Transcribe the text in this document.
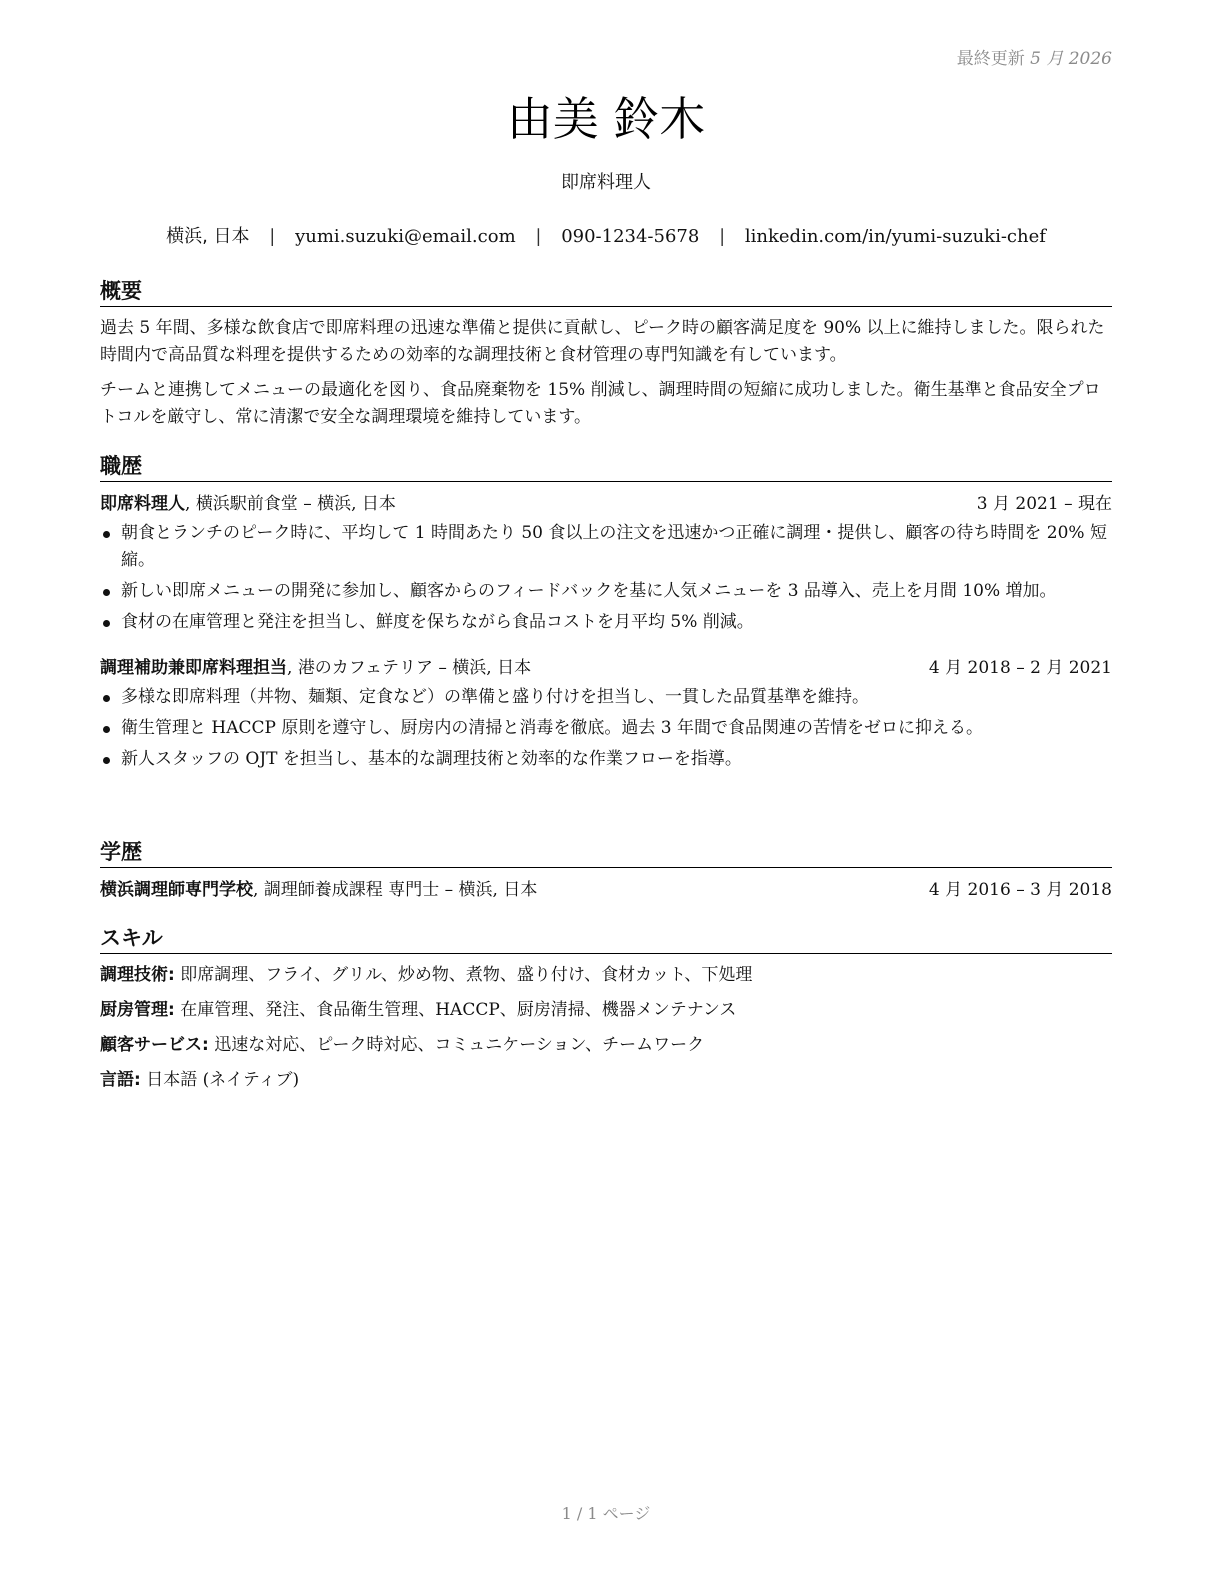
最終更新 5 月 2026
由美 鈴木
即席料理人
横浜, 日本 | yumi.suzuki@email.com | 090-1234-5678 | linkedin.com/in/yumi-suzuki-chef
概要

過去 5 年間、多様な飲食店で即席料理の迅速な準備と提供に貢献し、ピーク時の顧客満足度を 90% 以上に維持しました。限られた時間内で高品質な料理を提供するための効率的な調理技術と食材管理の専門知識を有しています。

チームと連携してメニューの最適化を図り、食品廃棄物を 15% 削減し、調理時間の短縮に成功しました。衛生基準と食品安全プロトコルを厳守し、常に清潔で安全な調理環境を維持しています。

職歴
即席料理人, 横浜駅前食堂 – 横浜, 日本	3 月 2021 – 現在
朝食とランチのピーク時に、平均して 1 時間あたり 50 食以上の注文を迅速かつ正確に調理・提供し、顧客の待ち時間を 20% 短縮。
新しい即席メニューの開発に参加し、顧客からのフィードバックを基に人気メニューを 3 品導入、売上を月間 10% 増加。
食材の在庫管理と発注を担当し、鮮度を保ちながら食品コストを月平均 5% 削減。
調理補助兼即席料理担当, 港のカフェテリア – 横浜, 日本	4 月 2018 – 2 月 2021
多様な即席料理（丼物、麺類、定食など）の準備と盛り付けを担当し、一貫した品質基準を維持。
衛生管理と HACCP 原則を遵守し、厨房内の清掃と消毒を徹底。過去 3 年間で食品関連の苦情をゼロに抑える。
新人スタッフの OJT を担当し、基本的な調理技術と効率的な作業フローを指導。
学歴
横浜調理師専門学校, 調理師養成課程 専門士 – 横浜, 日本	4 月 2016 – 3 月 2018
スキル
調理技術: 即席調理、フライ、グリル、炒め物、煮物、盛り付け、食材カット、下処理
厨房管理: 在庫管理、発注、食品衛生管理、HACCP、厨房清掃、機器メンテナンス
顧客サービス: 迅速な対応、ピーク時対応、コミュニケーション、チームワーク
言語: 日本語 (ネイティブ)
1 / 1 ページ
